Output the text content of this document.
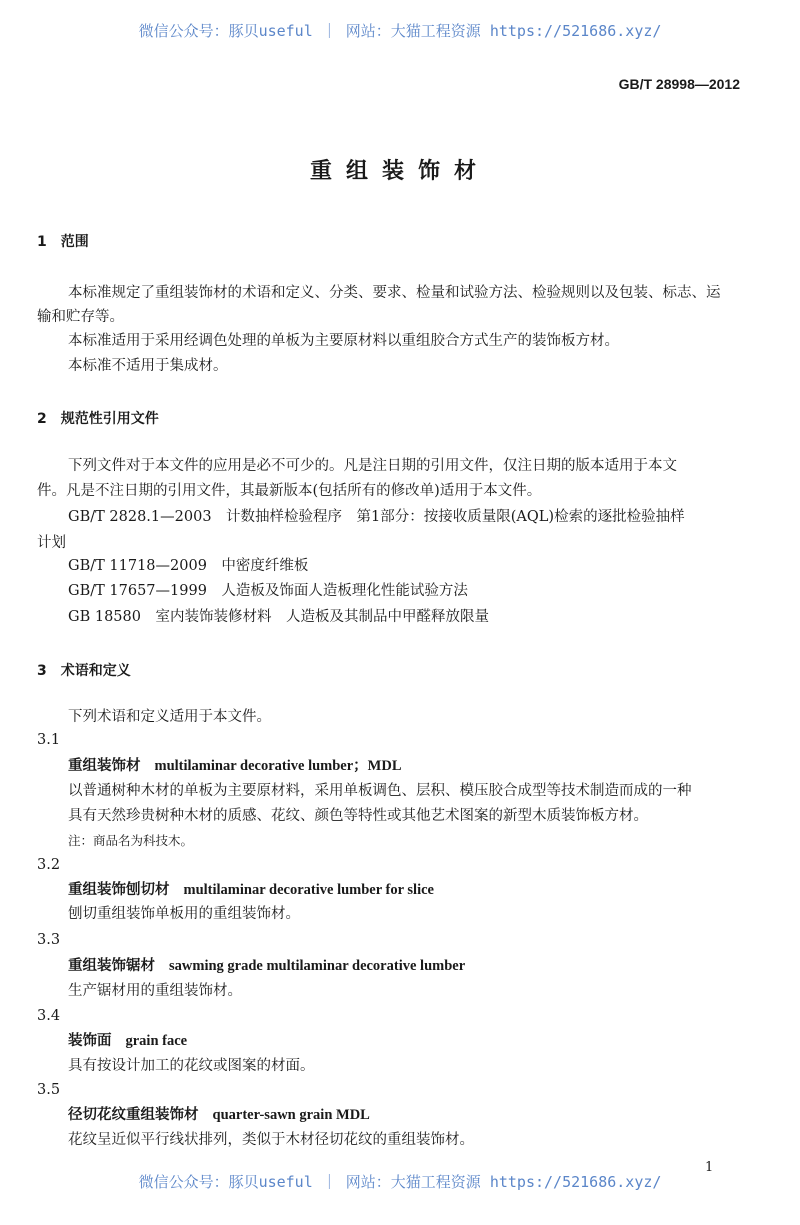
微信公众号：豚贝useful ｜ 网站：大猫工程资源 https://521686.xyz/
GB/T 28998—2012
重组装饰材
1　范围
本标准规定了重组装饰材的术语和定义、分类、要求、检量和试验方法、检验规则以及包装、标志、运
输和贮存等。
本标准适用于采用经调色处理的单板为主要原材料以重组胶合方式生产的装饰板方材。
本标准不适用于集成材。
2　规范性引用文件
下列文件对于本文件的应用是必不可少的。凡是注日期的引用文件，仅注日期的版本适用于本文
件。凡是不注日期的引用文件，其最新版本(包括所有的修改单)适用于本文件。
GB/T 2828.1—2003　计数抽样检验程序　第1部分：按接收质量限(AQL)检索的逐批检验抽样
计划
GB/T 11718—2009　中密度纤维板
GB/T 17657—1999　人造板及饰面人造板理化性能试验方法
GB 18580　室内装饰装修材料　人造板及其制品中甲醛释放限量
3　术语和定义
下列术语和定义适用于本文件。
3.1
重组装饰材 multilaminar decorative lumber；MDL
以普通树种木材的单板为主要原材料，采用单板调色、层积、模压胶合成型等技术制造而成的一种
具有天然珍贵树种木材的质感、花纹、颜色等特性或其他艺术图案的新型木质装饰板方材。
注：商品名为科技木。
3.2
重组装饰刨切材 multilaminar decorative lumber for slice
刨切重组装饰单板用的重组装饰材。
3.3
重组装饰锯材 sawming grade multilaminar decorative lumber
生产锯材用的重组装饰材。
3.4
装饰面 grain face
具有按设计加工的花纹或图案的材面。
3.5
径切花纹重组装饰材 quarter-sawn grain MDL
花纹呈近似平行线状排列，类似于木材径切花纹的重组装饰材。
1
微信公众号：豚贝useful ｜ 网站：大猫工程资源 https://521686.xyz/
